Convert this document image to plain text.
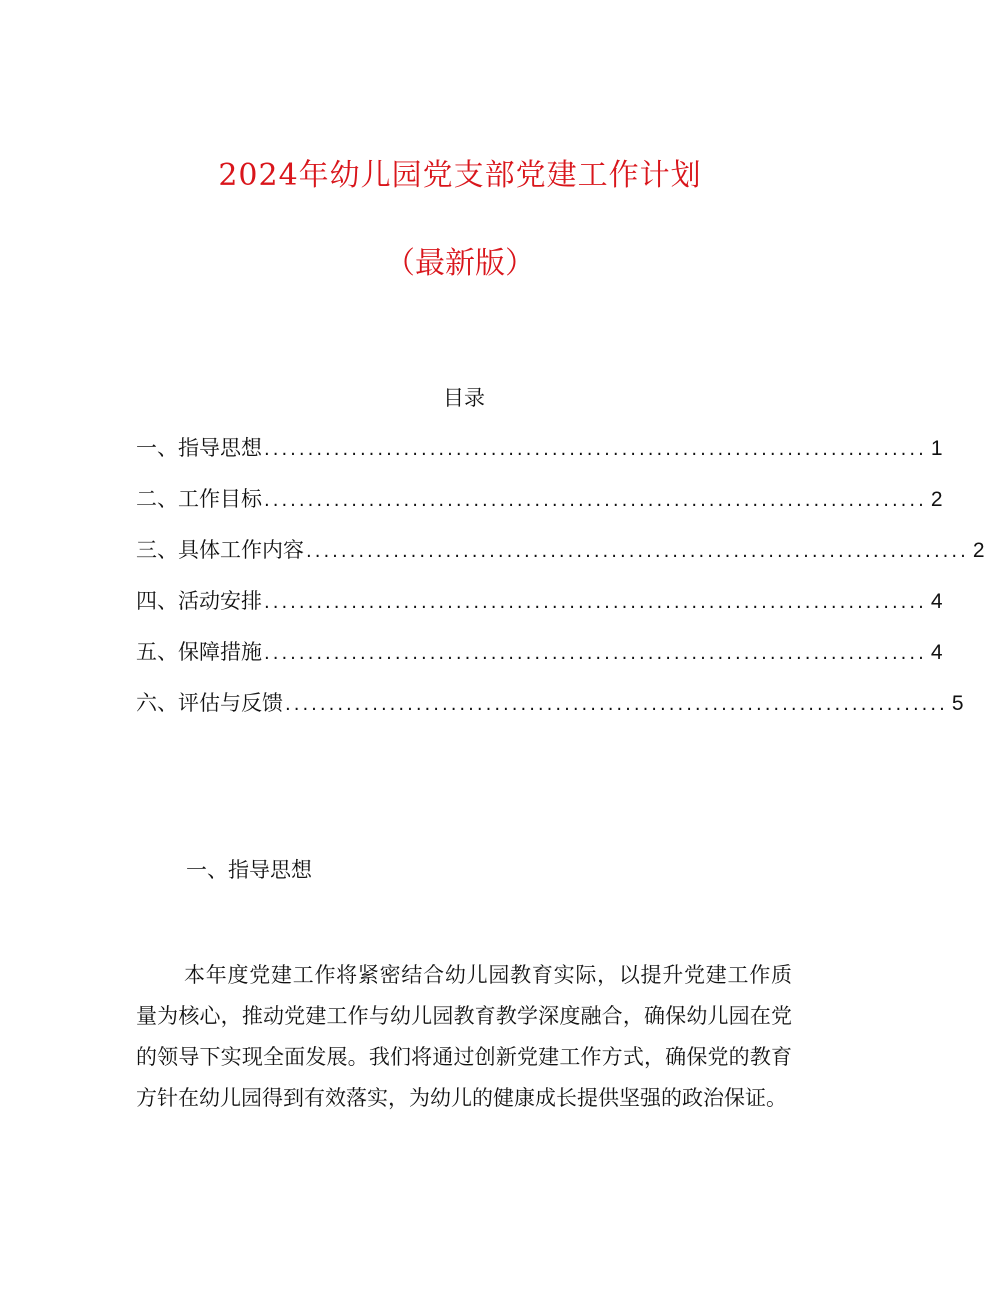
2024年幼儿园党支部党建工作计划
（最新版）
目录
一、指导思想 ............................................................................ 1
二、工作目标 ............................................................................ 2
三、具体工作内容 ............................................................................ 2
四、活动安排 ............................................................................ 4
五、保障措施 ............................................................................ 4
六、评估与反馈 ............................................................................ 5
一、指导思想

本年度党建工作将紧密结合幼儿园教育实际，以提升党建工作质量为核心，推动党建工作与幼儿园教育教学深度融合，确保幼儿园在党的领导下实现全面发展。我们将通过创新党建工作方式，确保党的教育方针在幼儿园得到有效落实，为幼儿的健康成长提供坚强的政治保证。
